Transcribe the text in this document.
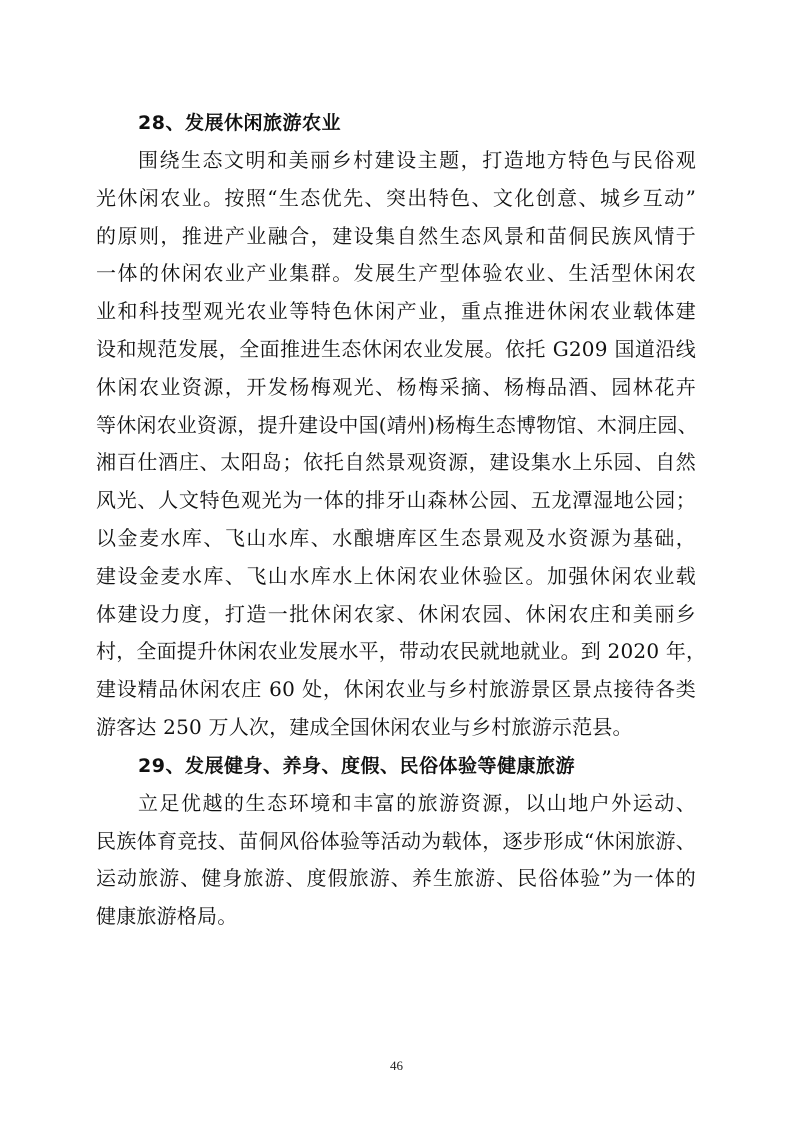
28、发展休闲旅游农业
围绕生态文明和美丽乡村建设主题，打造地方特色与民俗观
光休闲农业。按照“生态优先、突出特色、文化创意、城乡互动”
的原则，推进产业融合，建设集自然生态风景和苗侗民族风情于
一体的休闲农业产业集群。发展生产型体验农业、生活型休闲农
业和科技型观光农业等特色休闲产业，重点推进休闲农业载体建
设和规范发展，全面推进生态休闲农业发展。依托 G209 国道沿线
休闲农业资源，开发杨梅观光、杨梅采摘、杨梅品酒、园林花卉
等休闲农业资源，提升建设中国(靖州)杨梅生态博物馆、木洞庄园、
湘百仕酒庄、太阳岛；依托自然景观资源，建设集水上乐园、自然
风光、人文特色观光为一体的排牙山森林公园、五龙潭湿地公园；
以金麦水库、飞山水库、水酿塘库区生态景观及水资源为基础，
建设金麦水库、飞山水库水上休闲农业休验区。加强休闲农业载
体建设力度，打造一批休闲农家、休闲农园、休闲农庄和美丽乡
村，全面提升休闲农业发展水平，带动农民就地就业。到 2020 年，
建设精品休闲农庄 60 处，休闲农业与乡村旅游景区景点接待各类
游客达 250 万人次，建成全国休闲农业与乡村旅游示范县。
29、发展健身、养身、度假、民俗体验等健康旅游
立足优越的生态环境和丰富的旅游资源，以山地户外运动、
民族体育竞技、苗侗风俗体验等活动为载体，逐步形成“休闲旅游、
运动旅游、健身旅游、度假旅游、养生旅游、民俗体验”为一体的
健康旅游格局。
46
